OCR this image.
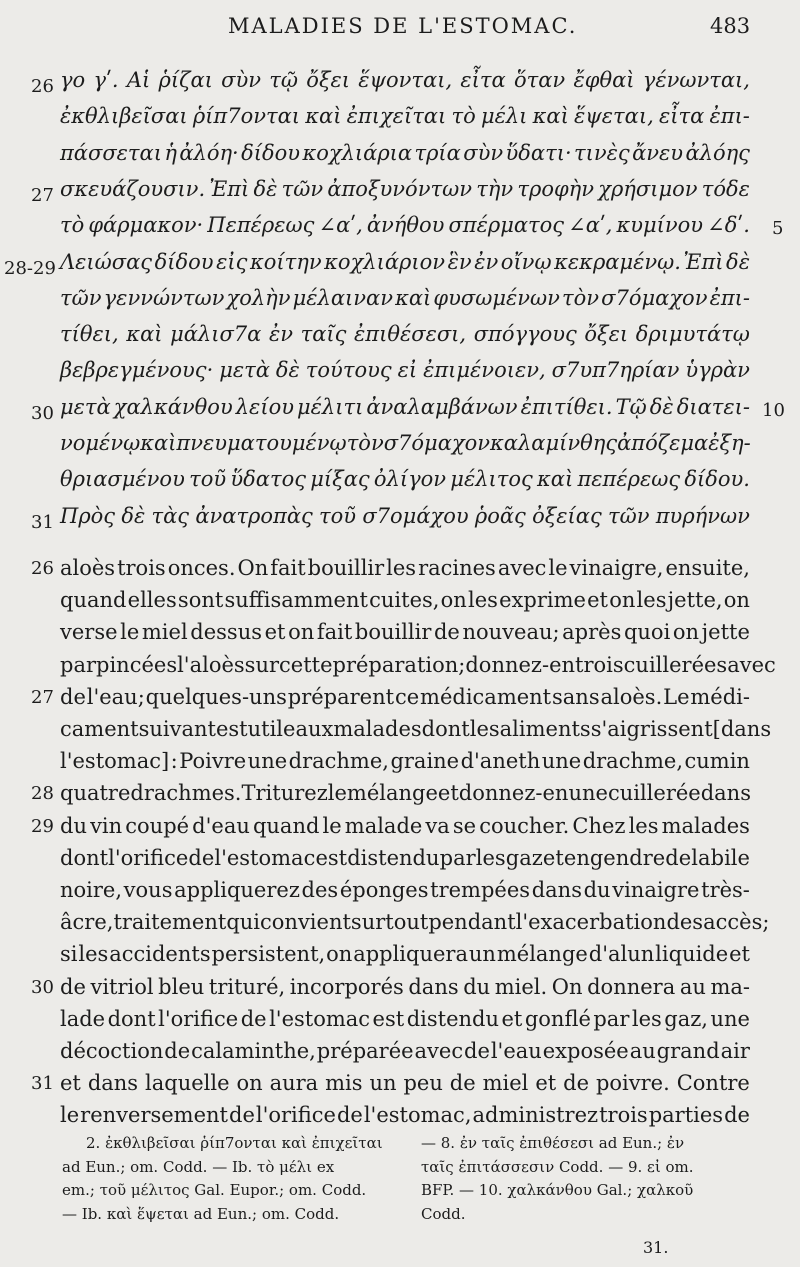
MALADIES DE L'ESTOMAC.	483
γο γʹ. Αἱ ῥίζαι σὺν τῷ ὄξει ἕψονται, εἶτα ὅταν ἔφθαὶ γένωνται,
ἐκθλιβεῖσαι ῥίπ7ονται καὶ ἐπιχεῖται τὸ μέλι καὶ ἕψεται, εἶτα ἐπι-
πάσσεται ἡ ἀλόη· δίδου κοχλιάρια τρία σὺν ὕδατι· τινὲς ἄνευ ἀλόης
σκευάζουσιν. Ἐπὶ δὲ τῶν ἀποξυνόντων τὴν τροφὴν χρήσιμον τόδε
τὸ φάρμακον· Πεπέρεως ∠αʹ, ἀνήθου σπέρματος ∠αʹ, κυμίνου ∠δʹ.
Λειώσας δίδου εἰς κοίτην κοχλιάριον ἓν ἐν οἴνῳ κεκραμένῳ. Ἐπὶ δὲ
τῶν γεννώντων χολὴν μέλαιναν καὶ φυσωμένων τὸν σ7όμαχον ἐπι-
τίθει, καὶ μάλισ7α ἐν ταῖς ἐπιθέσεσι, σπόγγους ὄξει δριμυτάτῳ
βεβρεγμένους· μετὰ δὲ τούτους εἰ ἐπιμένοιεν, σ7υπ7ηρίαν ὑγρὰν
μετὰ χαλκάνθου λείου μέλιτι ἀναλαμβάνων ἐπιτίθει. Τῷ δὲ διατει-
νομένῳ καὶ πνευματουμένῳ τὸν σ7όμαχον καλαμίνθης ἀπόζεμα ἐξη-
θριασμένου τοῦ ὕδατος μίξας ὀλίγον μέλιτος καὶ πεπέρεως δίδου.
Πρὸς δὲ τὰς ἀνατροπὰς τοῦ σ7ομάχου ῥοᾶς ὀξείας τῶν πυρήνων
26
27
28-29
30
31
5
10
aloès trois onces. On fait bouillir les racines avec le vinaigre, ensuite,
quand elles sont suffisamment cuites, on les exprime et on les jette, on
verse le miel dessus et on fait bouillir de nouveau; après quoi on jette
par pincées l'aloès sur cette préparation; donnez-en trois cuillerées avec
de l'eau; quelques-uns préparent ce médicament sans aloès. Le médi-
cament suivant est utile aux malades dont les aliments s'aigrissent [dans
l'estomac] : Poivre une drachme, graine d'aneth une drachme, cumin
quatre drachmes. Triturez le mélange et donnez-en une cuillerée dans
du vin coupé d'eau quand le malade va se coucher. Chez les malades
dont l'orifice de l'estomac est distendu par les gaz et engendre de la bile
noire, vous appliquerez des éponges trempées dans du vinaigre très-
âcre, traitement qui convient surtout pendant l'exacerbation des accès;
si les accidents persistent, on appliquera un mélange d'alun liquide et
de vitriol bleu trituré, incorporés dans du miel. On donnera au ma-
lade dont l'orifice de l'estomac est distendu et gonflé par les gaz, une
décoction de calaminthe, préparée avec de l'eau exposée au grand air
et dans laquelle on aura mis un peu de miel et de poivre. Contre
le renversement de l'orifice de l'estomac, administrez trois parties de
26
27
28
29
30
31
2. ἐκθλιβεῖσαι ῥίπ7ονται καὶ ἐπιχεῖται
ad Eun.; om. Codd. — Ib. τὸ μέλι ex
em.; τοῦ μέλιτος Gal. Eupor.; om. Codd.
— Ib. καὶ ἕψεται ad Eun.; om. Codd.
— 8. ἐν ταῖς ἐπιθέσεσι ad Eun.; ἐν
ταῖς ἐπιτάσσεσιν Codd. — 9. εἰ om.
BFP. — 10. χαλκάνθου Gal.; χαλκοῦ
Codd.
31.
